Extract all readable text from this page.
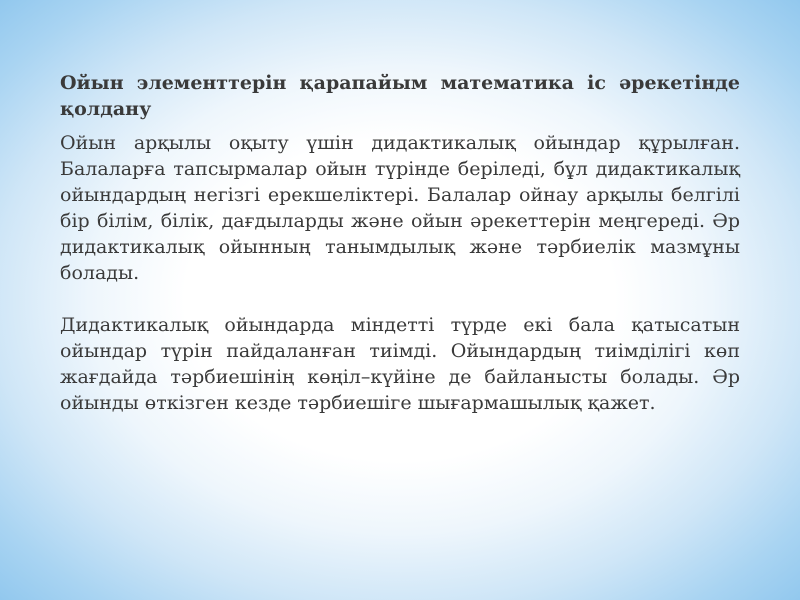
Ойын элементтерін қарапайым математика іс әрекетінде қолдану

Ойын арқылы оқыту үшін дидактикалық ойындар құрылған. Балаларға тапсырмалар ойын түрінде беріледі, бұл дидактикалық ойындардың негізгі ерекшеліктері. Балалар ойнау арқылы белгілі бір білім, білік, дағдыларды және ойын әрекеттерін меңгереді. Әр дидактикалық ойынның танымдылық және тәрбиелік мазмұны болады.

Дидактикалық ойындарда міндетті түрде екі бала қатысатын ойындар түрін пайдаланған тиімді. Ойындардың тиімділігі көп жағдайда тәрбиешінің көңіл–күйіне де байланысты болады. Әр ойынды өткізген кезде тәрбиешіге шығармашылық қажет.
